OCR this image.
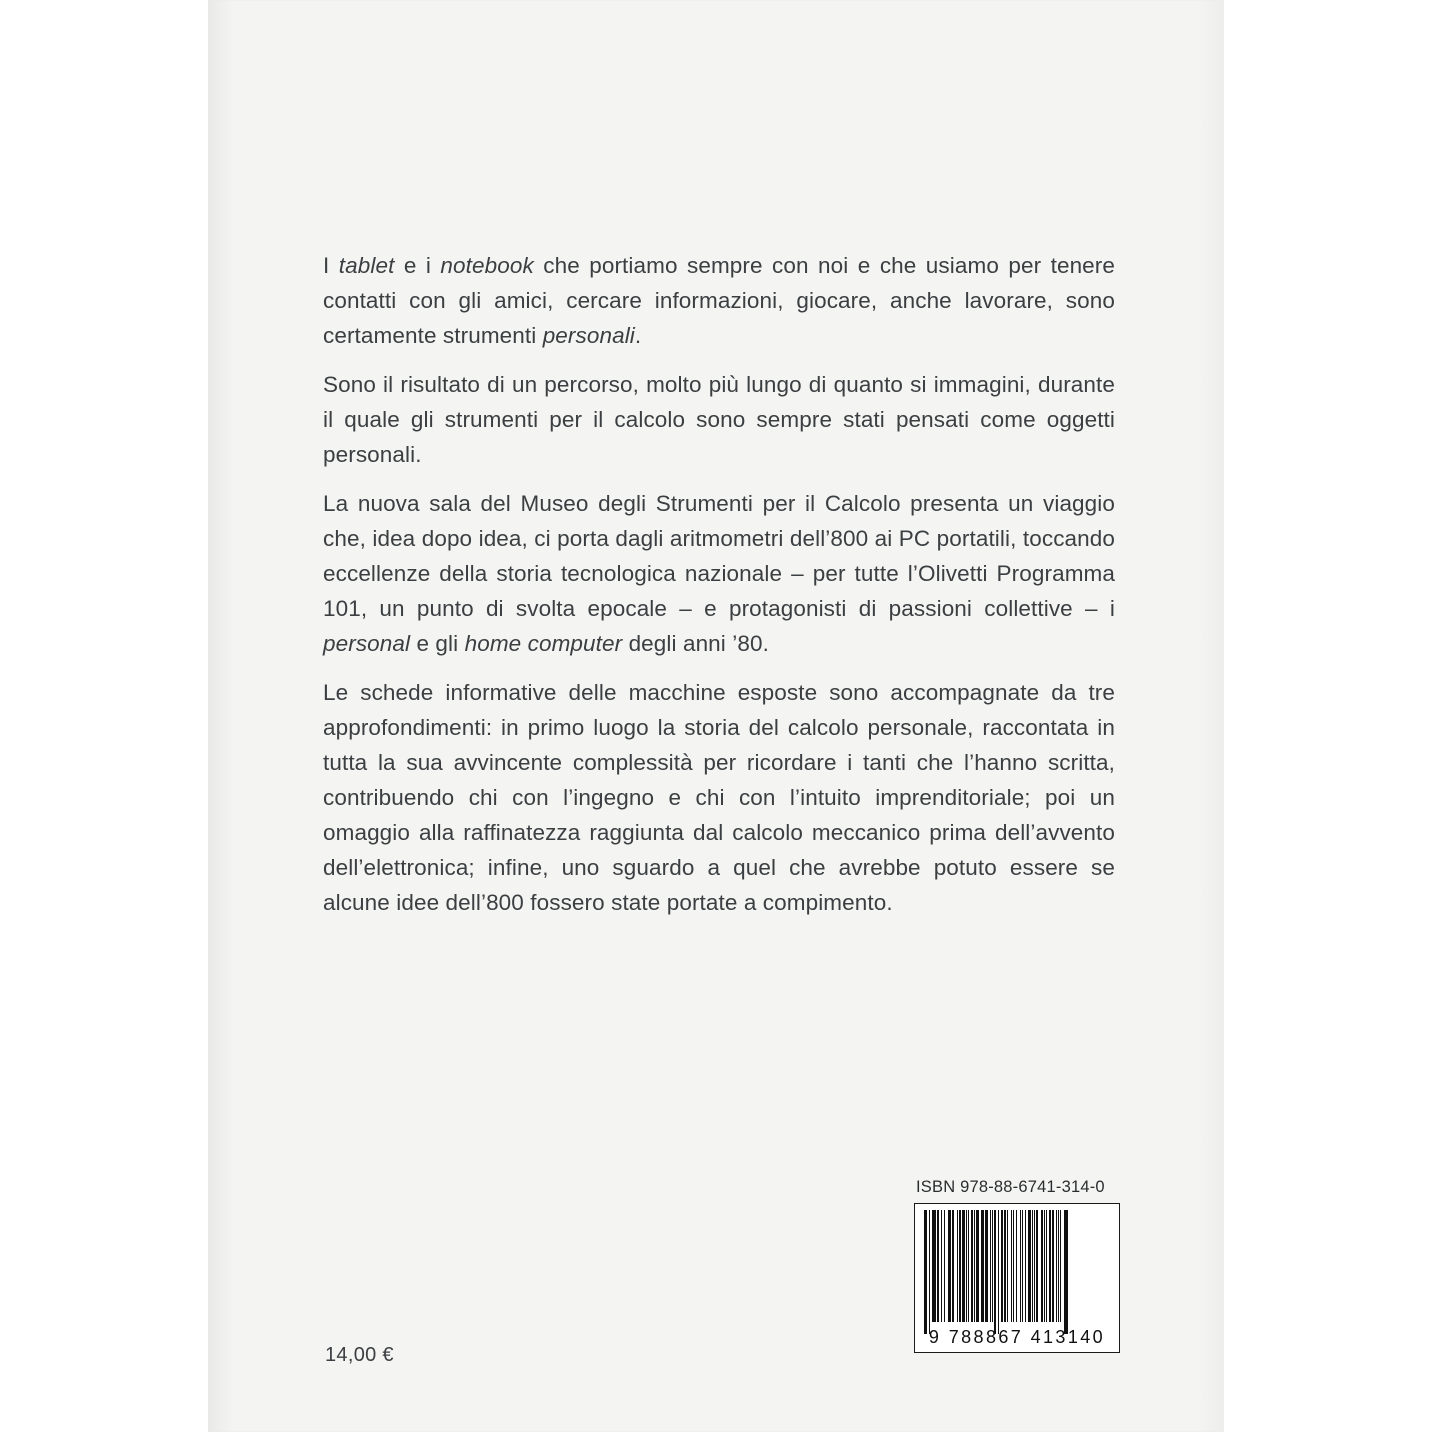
I tablet e i notebook che portiamo sempre con noi e che usiamo per tenere contatti con gli amici, cercare informazioni, giocare, anche lavorare, sono certamente strumenti personali.

Sono il risultato di un percorso, molto più lungo di quanto si immagini, durante il quale gli strumenti per il calcolo sono sempre stati pensati come oggetti personali.

La nuova sala del Museo degli Strumenti per il Calcolo presenta un viaggio che, idea dopo idea, ci porta dagli aritmometri dell’800 ai PC portatili, toccando eccellenze della storia tecnologica nazionale – per tutte l’Olivetti Programma 101, un punto di svolta epocale – e protagonisti di passioni collettive – i personal e gli home computer degli anni ’80.

Le schede informative delle macchine esposte sono accompagnate da tre approfondimenti: in primo luogo la storia del calcolo personale, raccontata in tutta la sua avvincente complessità per ricordare i tanti che l’hanno scritta, contribuendo chi con l’ingegno e chi con l’intuito imprenditoriale; poi un omaggio alla raffinatezza raggiunta dal calcolo meccanico prima dell’avvento dell’elettronica; infine, uno sguardo a quel che avrebbe potuto essere se alcune idee dell’800 fossero state portate a compimento.

14,00 €
ISBN 978-88-6741-314-0
9 788867 413140
